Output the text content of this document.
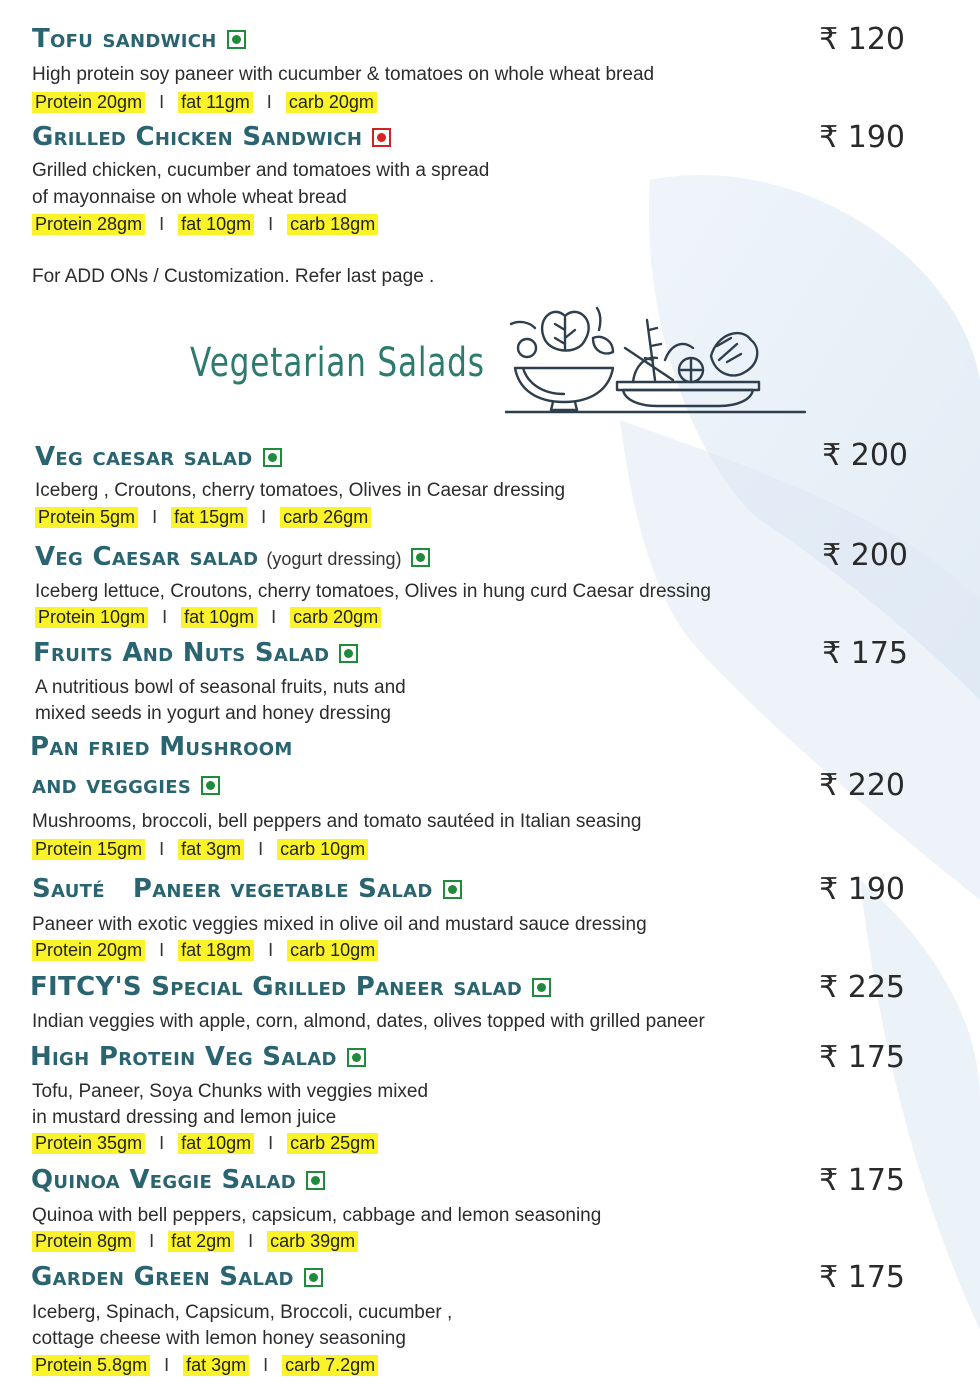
Tofu sandwich	₹ 120
High protein soy paneer with cucumber & tomatoes on whole wheat bread
Protein 20gm I fat 11gm I carb 20gm
Grilled Chicken Sandwich	₹ 190
Grilled chicken, cucumber and tomatoes with a spread
of mayonnaise on whole wheat bread
Protein 28gm I fat 10gm I carb 18gm
For ADD ONs / Customization. Refer last page .
Vegetarian Salads
Veg caesar salad	₹ 200
Iceberg , Croutons, cherry tomatoes, Olives in Caesar dressing
Protein 5gm I fat 15gm I carb 26gm
Veg Caesar salad (yogurt dressing)	₹ 200
Iceberg lettuce, Croutons, cherry tomatoes, Olives in hung curd Caesar dressing
Protein 10gm I fat 10gm I carb 20gm
Fruits And Nuts Salad	₹ 175
A nutritious bowl of seasonal fruits, nuts and
mixed seeds in yogurt and honey dressing
Pan fried Mushroom
and vegggies	₹ 220
Mushrooms, broccoli, bell peppers and tomato sautéed in Italian seasing
Protein 15gm I fat 3gm I carb 10gm
Sauté   Paneer vegetable Salad	₹ 190
Paneer with exotic veggies mixed in olive oil and mustard sauce dressing
Protein 20gm I fat 18gm I carb 10gm
FITCY'S Special Grilled Paneer salad	₹ 225
Indian veggies with apple, corn, almond, dates, olives topped with grilled paneer
High Protein Veg Salad	₹ 175
Tofu, Paneer, Soya Chunks with veggies mixed
in mustard dressing and lemon juice
Protein 35gm I fat 10gm I carb 25gm
Quinoa Veggie Salad	₹ 175
Quinoa with bell peppers, capsicum, cabbage and lemon seasoning
Protein 8gm I fat 2gm I carb 39gm
Garden Green Salad	₹ 175
Iceberg, Spinach, Capsicum, Broccoli, cucumber ,
cottage cheese with lemon honey seasoning
Protein 5.8gm I fat 3gm I carb 7.2gm
